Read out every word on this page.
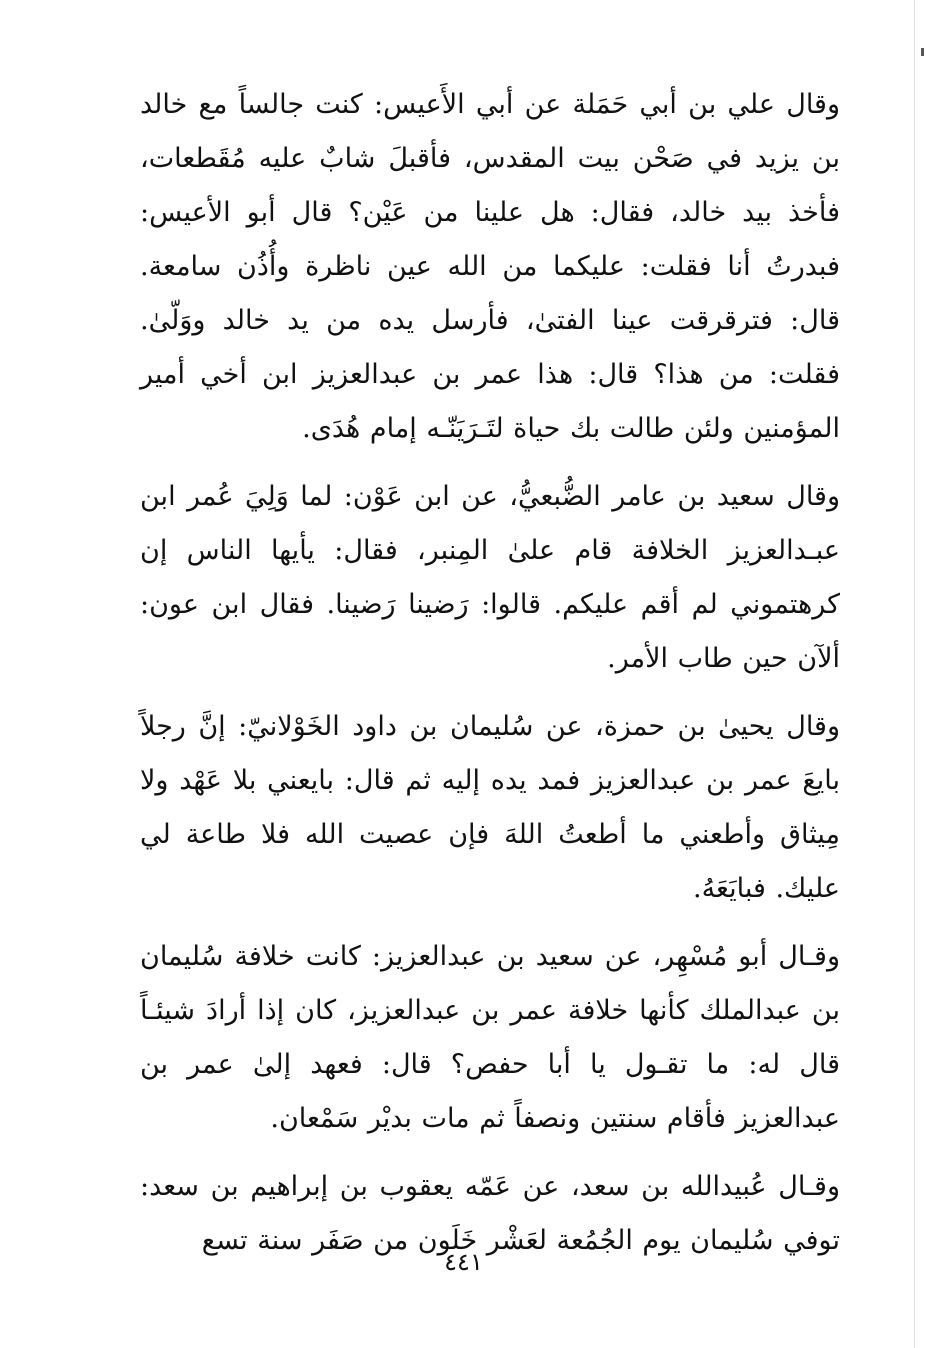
وقال علي بن أبي حَمَلة عن أبي الأَعيس: كنت جالساً مع خالد بن يزيد في صَحْن بيت المقدس، فأقبلَ شابٌ عليه مُقَطعات، فأخذ بيد خالد، فقال: هل علينا من عَيْن؟ قال أبو الأعيس: فبدرتُ أنا فقلت: عليكما من الله عين ناظرة وأُذُن سامعة. قال: فترقرقت عينا الفتىٰ، فأرسل يده من يد خالد ووَلّىٰ. فقلت: من هذا؟ قال: هذا عمر بن عبدالعزيز ابن أخي أمير المؤمنين ولئن طالت بك حياة لتَـرَيَنّـه إمام هُدَى.

وقال سعيد بن عامر الضُّبعيُّ، عن ابن عَوْن: لما وَلِيَ عُمر ابن عبـدالعزيز الخلافة قام علىٰ المِنبر، فقال: يأيها الناس إن كرهتموني لم أقم عليكم. قالوا: رَضينا رَضينا. فقال ابن عون: ألآن حين طاب الأمر.

وقال يحيىٰ بن حمزة، عن سُليمان بن داود الخَوْلانيّ: إنَّ رجلاً بايعَ عمر بن عبدالعزيز فمد يده إليه ثم قال: بايعني بلا عَهْد ولا مِيثاق وأطعني ما أطعتُ اللهَ فإن عصيت الله فلا طاعة لي عليك. فبايَعَهُ.

وقـال أبو مُسْهِر، عن سعيد بن عبدالعزيز: كانت خلافة سُليمان بن عبدالملك كأنها خلافة عمر بن عبدالعزيز، كان إذا أرادَ شيئـاً قال له: ما تقـول يا أبا حفص؟ قال: فعهد إلىٰ عمر بن عبدالعزيز فأقام سنتين ونصفاً ثم مات بديْر سَمْعان.

وقـال عُبيدالله بن سعد، عن عَمّه يعقوب بن إبراهيم بن سعد: توفي سُليمان يوم الجُمُعة لعَشْر خَلَون من صَفَر سنة تسع

٤٤١
